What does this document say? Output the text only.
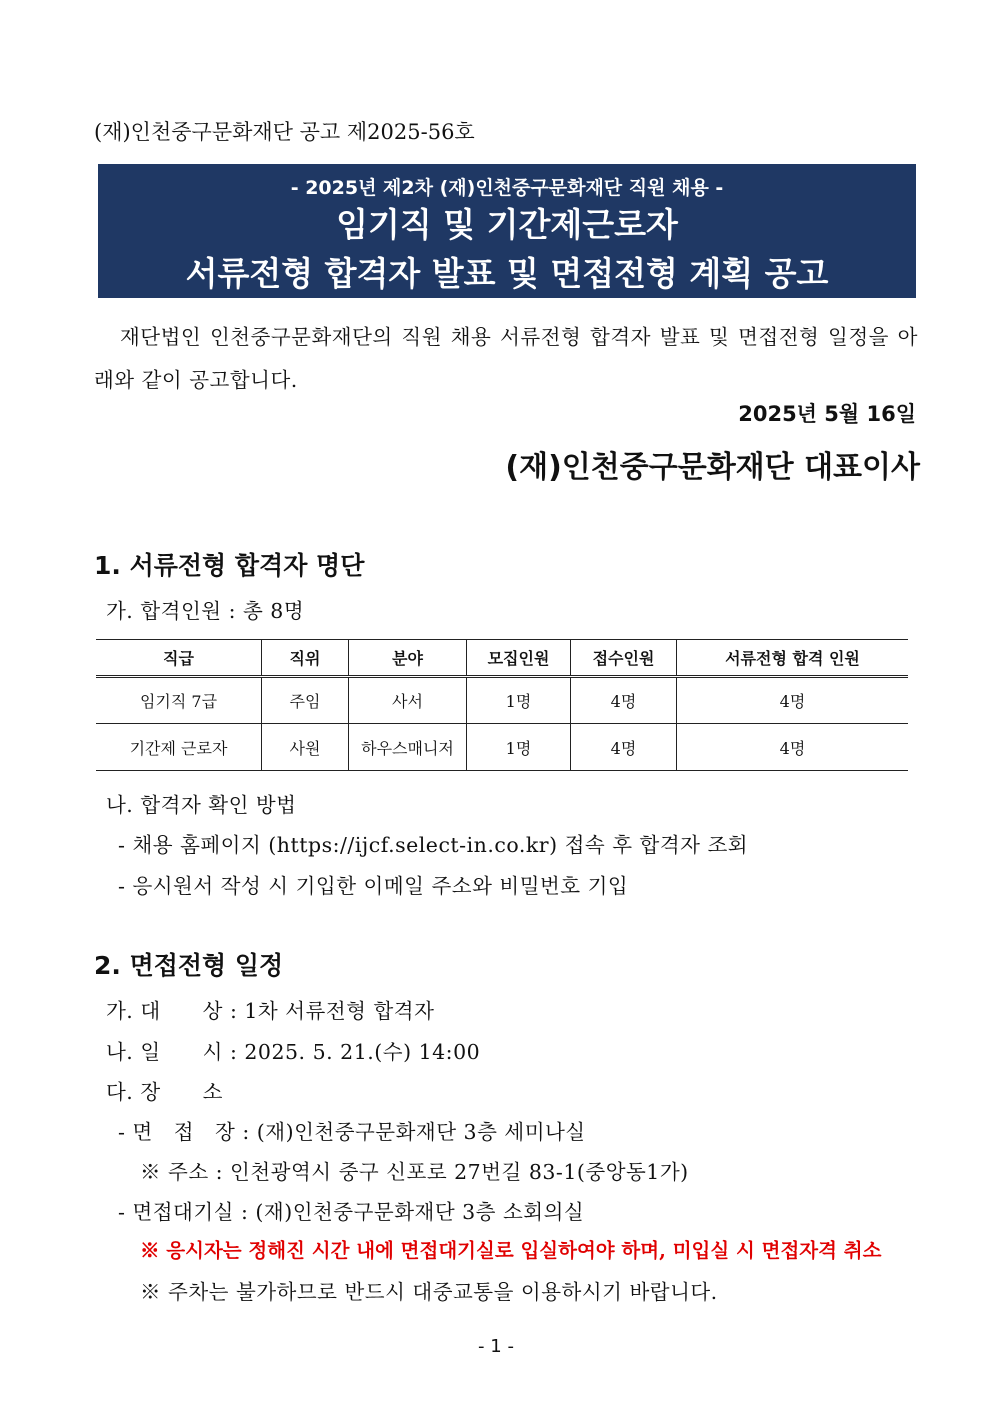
(재)인천중구문화재단 공고 제2025-56호
- 2025년 제2차 (재)인천중구문화재단 직원 채용 -
임기직 및 기간제근로자
서류전형 합격자 발표 및 면접전형 계획 공고
재단법인 인천중구문화재단의 직원 채용 서류전형 합격자 발표 및 면접전형 일정을 아래와 같이 공고합니다.
2025년 5월 16일
(재)인천중구문화재단 대표이사
1. 서류전형 합격자 명단
가. 합격인원 : 총 8명
직급	직위	분야	모집인원	접수인원	서류전형 합격 인원
임기직 7급	주임	사서	1명	4명	4명
기간제 근로자	사원	하우스매니저	1명	4명	4명
나. 합격자 확인 방법
- 채용 홈페이지 (https://ijcf.select-in.co.kr) 접속 후 합격자 조회
- 응시원서 작성 시 기입한 이메일 주소와 비밀번호 기입
2. 면접전형 일정
가. 대　　상 : 1차 서류전형 합격자
나. 일　　시 : 2025. 5. 21.(수) 14:00
다. 장　　소
- 면　접　장 : (재)인천중구문화재단 3층 세미나실
※ 주소 : 인천광역시 중구 신포로 27번길 83-1(중앙동1가)
- 면접대기실 : (재)인천중구문화재단 3층 소회의실
※ 응시자는 정해진 시간 내에 면접대기실로 입실하여야 하며, 미입실 시 면접자격 취소
※ 주차는 불가하므로 반드시 대중교통을 이용하시기 바랍니다.
- 1 -
